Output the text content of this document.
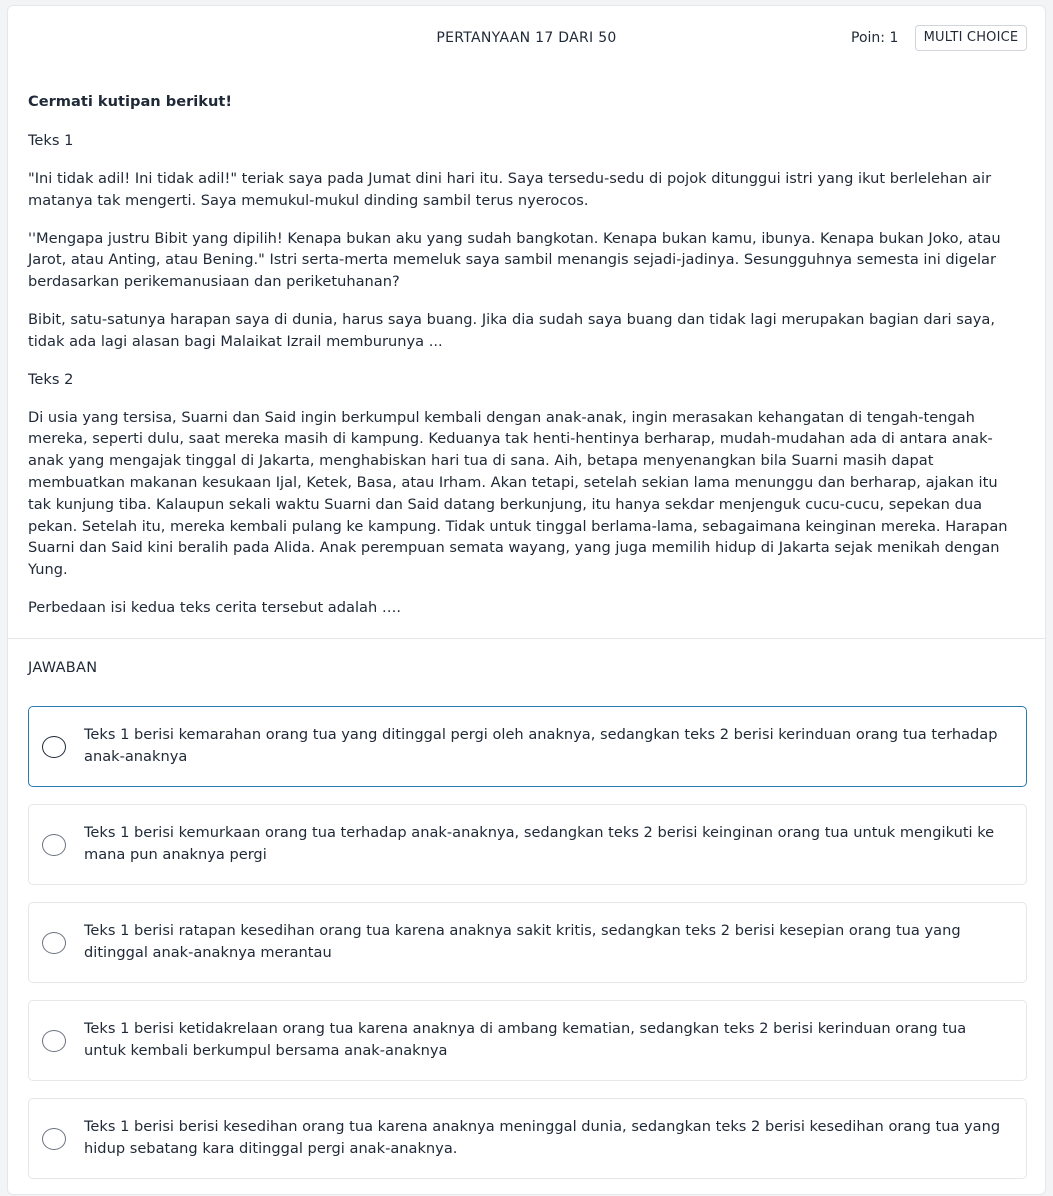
PERTANYAAN 17 DARI 50	Poin: 1	MULTI CHOICE
Cermati kutipan berikut!
Teks 1

"Ini tidak adil! Ini tidak adil!" teriak saya pada Jumat dini hari itu. Saya tersedu-sedu di pojok ditunggui istri yang ikut berlelehan air matanya tak mengerti. Saya memukul-mukul dinding sambil terus nyerocos.

''Mengapa justru Bibit yang dipilih! Kenapa bukan aku yang sudah bangkotan. Kenapa bukan kamu, ibunya. Kenapa bukan Joko, atau Jarot, atau Anting, atau Bening." Istri serta-merta memeluk saya sambil menangis sejadi-jadinya. Sesungguhnya semesta ini digelar berdasarkan perikemanusiaan dan periketuhanan?

Bibit, satu-satunya harapan saya di dunia, harus saya buang. Jika dia sudah saya buang dan tidak lagi merupakan bagian dari saya, tidak ada lagi alasan bagi Malaikat Izrail memburunya ...

Teks 2

Di usia yang tersisa, Suarni dan Said ingin berkumpul kembali dengan anak-anak, ingin merasakan kehangatan di tengah-tengah mereka, seperti dulu, saat mereka masih di kampung. Keduanya tak henti-hentinya berharap, mudah-mudahan ada di antara anak-anak yang mengajak tinggal di Jakarta, menghabiskan hari tua di sana. Aih, betapa menyenangkan bila Suarni masih dapat membuatkan makanan kesukaan Ijal, Ketek, Basa, atau Irham. Akan tetapi, setelah sekian lama menunggu dan berharap, ajakan itu tak kunjung tiba. Kalaupun sekali waktu Suarni dan Said datang berkunjung, itu hanya sekdar menjenguk cucu-cucu, sepekan dua pekan. Setelah itu, mereka kembali pulang ke kampung. Tidak untuk tinggal berlama-lama, sebagaimana keinginan mereka. Harapan Suarni dan Said kini beralih pada Alida. Anak perempuan semata wayang, yang juga memilih hidup di Jakarta sejak menikah dengan Yung.

Perbedaan isi kedua teks cerita tersebut adalah ….

JAWABAN
Teks 1 berisi kemarahan orang tua yang ditinggal pergi oleh anaknya, sedangkan teks 2 berisi kerinduan orang tua terhadap anak-anaknya
Teks 1 berisi kemurkaan orang tua terhadap anak-anaknya, sedangkan teks 2 berisi keinginan orang tua untuk mengikuti ke mana pun anaknya pergi
Teks 1 berisi ratapan kesedihan orang tua karena anaknya sakit kritis, sedangkan teks 2 berisi kesepian orang tua yang ditinggal anak-anaknya merantau
Teks 1 berisi ketidakrelaan orang tua karena anaknya di ambang kematian, sedangkan teks 2 berisi kerinduan orang tua untuk kembali berkumpul bersama anak-anaknya
Teks 1 berisi berisi kesedihan orang tua karena anaknya meninggal dunia, sedangkan teks 2 berisi kesedihan orang tua yang hidup sebatang kara ditinggal pergi anak-anaknya.
